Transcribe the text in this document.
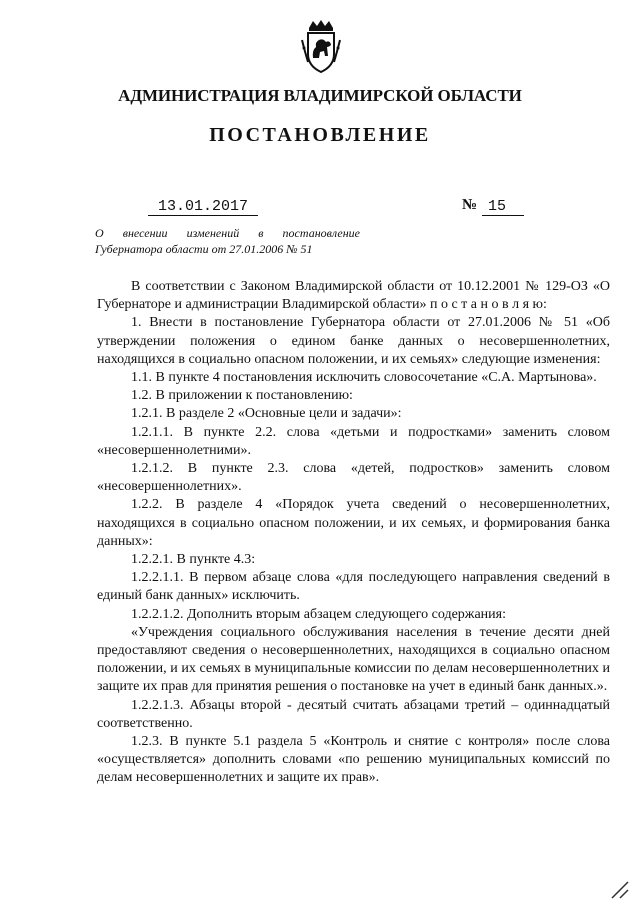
АДМИНИСТРАЦИЯ ВЛАДИМИРСКОЙ ОБЛАСТИ
ПОСТАНОВЛЕНИЕ
13.01.2017	№ 15
О внесении изменений в постановление Губернатора области от 27.01.2006 № 51

В соответствии с Законом Владимирской области от 10.12.2001 № 129-ОЗ «О Губернаторе и администрации Владимирской области» п о с т а н о в л я ю:

1. Внести в постановление Губернатора области от 27.01.2006 № 51 «Об утверждении положения о едином банке данных о несовершеннолетних, находящихся в социально опасном положении, и их семьях» следующие изменения:

1.1. В пункте 4 постановления исключить словосочетание «С.А. Мартынова».

1.2. В приложении к постановлению:

1.2.1. В разделе 2 «Основные цели и задачи»:

1.2.1.1. В пункте 2.2. слова «детьми и подростками» заменить словом «несовершеннолетними».

1.2.1.2. В пункте 2.3. слова «детей, подростков» заменить словом «несовершеннолетних».

1.2.2. В разделе 4 «Порядок учета сведений о несовершеннолетних, находящихся в социально опасном положении, и их семьях, и формирования банка данных»:

1.2.2.1. В пункте 4.3:

1.2.2.1.1. В первом абзаце слова «для последующего направления сведений в единый банк данных» исключить.

1.2.2.1.2. Дополнить вторым абзацем следующего содержания:

«Учреждения социального обслуживания населения в течение десяти дней предоставляют сведения о несовершеннолетних, находящихся в социально опасном положении, и их семьях в муниципальные комиссии по делам несовершеннолетних и защите их прав для принятия решения о постановке на учет в единый банк данных.».

1.2.2.1.3. Абзацы второй - десятый считать абзацами третий – одиннадцатый соответственно.

1.2.3. В пункте 5.1 раздела 5 «Контроль и снятие с контроля» после слова «осуществляется» дополнить словами «по решению муниципальных комиссий по делам несовершеннолетних и защите их прав».
